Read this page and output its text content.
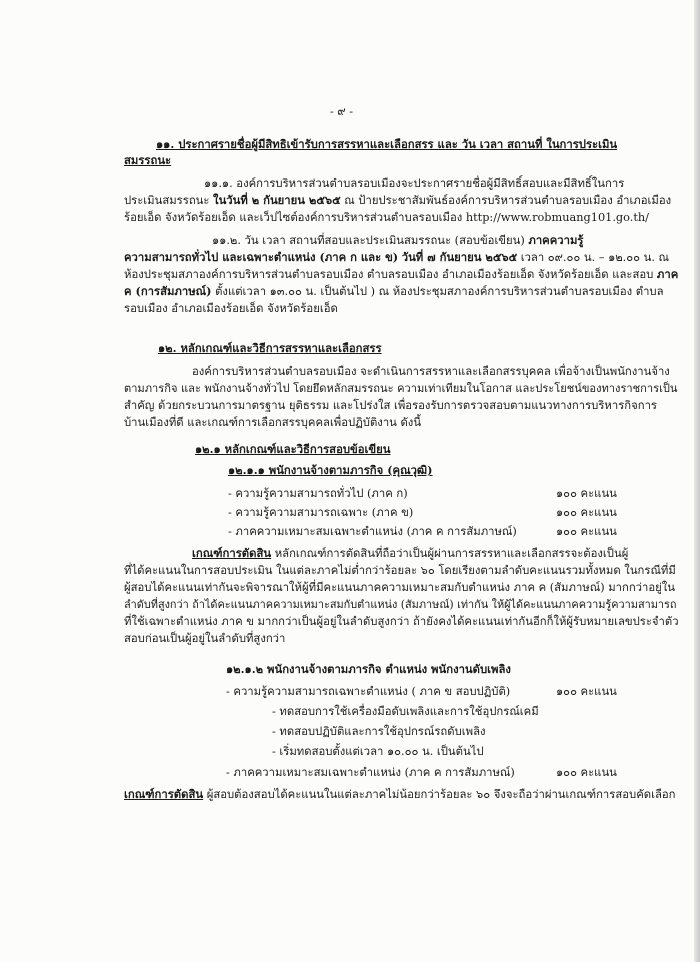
- ๙ -
๑๑. ประกาศรายชื่อผู้มีสิทธิเข้ารับการสรรหาและเลือกสรร และ วัน เวลา สถานที่ ในการประเมิน
สมรรถนะ
๑๑.๑. องค์การบริหารส่วนตำบลรอบเมืองจะประกาศรายชื่อผู้มีสิทธิ์สอบและมีสิทธิ์ในการ
ประเมินสมรรถนะ ในวันที่ ๒ กันยายน ๒๕๖๕ ณ ป้ายประชาสัมพันธ์องค์การบริหารส่วนตำบลรอบเมือง อำเภอเมือง
ร้อยเอ็ด จังหวัดร้อยเอ็ด และเว็ปไซต์องค์การบริหารส่วนตำบลรอบเมือง http://www.robmuang101.go.th/
๑๑.๒. วัน เวลา สถานที่สอบและประเมินสมรรถนะ (สอบข้อเขียน) ภาคความรู้
ความสามารถทั่วไป และเฉพาะตำแหน่ง (ภาค ก และ ข) วันที่ ๗ กันยายน ๒๕๖๕ เวลา ๐๙.๐๐ น. – ๑๒.๐๐ น. ณ
ห้องประชุมสภาองค์การบริหารส่วนตำบลรอบเมือง ตำบลรอบเมือง อำเภอเมืองร้อยเอ็ด จังหวัดร้อยเอ็ด และสอบ ภาค
ค (การสัมภาษณ์) ตั้งแต่เวลา ๑๓.๐๐ น. เป็นต้นไป ) ณ ห้องประชุมสภาองค์การบริหารส่วนตำบลรอบเมือง ตำบล
รอบเมือง อำเภอเมืองร้อยเอ็ด จังหวัดร้อยเอ็ด
๑๒. หลักเกณฑ์และวิธีการสรรหาและเลือกสรร
องค์การบริหารส่วนตำบลรอบเมือง จะดำเนินการสรรหาและเลือกสรรบุคคล เพื่อจ้างเป็นพนักงานจ้าง
ตามภารกิจ และ พนักงานจ้างทั่วไป โดยยึดหลักสมรรถนะ ความเท่าเทียมในโอกาส และประโยชน์ของทางราชการเป็น
สำคัญ ด้วยกระบวนการมาตรฐาน ยุติธรรม และโปร่งใส เพื่อรองรับการตรวจสอบตามแนวทางการบริหารกิจการ
บ้านเมืองที่ดี และเกณฑ์การเลือกสรรบุคคลเพื่อปฏิบัติงาน ดังนี้
๑๒.๑ หลักเกณฑ์และวิธีการสอบข้อเขียน
๑๒.๑.๑ พนักงานจ้างตามภารกิจ (คุณวุฒิ)
- ความรู้ความสามารถทั่วไป (ภาค ก)	๑๐๐ คะแนน
- ความรู้ความสามารถเฉพาะ (ภาค ข)	๑๐๐ คะแนน
- ภาคความเหมาะสมเฉพาะตำแหน่ง (ภาค ค การสัมภาษณ์)	๑๐๐ คะแนน
เกณฑ์การตัดสิน หลักเกณฑ์การตัดสินที่ถือว่าเป็นผู้ผ่านการสรรหาและเลือกสรรจะต้องเป็นผู้
ที่ได้คะแนนในการสอบประเมิน ในแต่ละภาคไม่ต่ำกว่าร้อยละ ๖๐ โดยเรียงตามลำดับคะแนนรวมทั้งหมด ในกรณีที่มี
ผู้สอบได้คะแนนเท่ากันจะพิจารณาให้ผู้ที่มีคะแนนภาคความเหมาะสมกับตำแหน่ง ภาค ค (สัมภาษณ์) มากกว่าอยู่ใน
ลำดับที่สูงกว่า ถ้าได้คะแนนภาคความเหมาะสมกับตำแหน่ง (สัมภาษณ์) เท่ากัน ให้ผู้ได้คะแนนภาคความรู้ความสามารถ
ที่ใช้เฉพาะตำแหน่ง ภาค ข มากกว่าเป็นผู้อยู่ในลำดับสูงกว่า ถ้ายังคงได้คะแนนเท่ากันอีกก็ให้ผู้รับหมายเลขประจำตัว
สอบก่อนเป็นผู้อยู่ในลำดับที่สูงกว่า
๑๒.๑.๒ พนักงานจ้างตามภารกิจ ตำแหน่ง พนักงานดับเพลิง
- ความรู้ความสามารถเฉพาะตำแหน่ง ( ภาค ข สอบปฏิบัติ)	๑๐๐ คะแนน
- ทดสอบการใช้เครื่องมือดับเพลิงและการใช้อุปกรณ์เคมี
- ทดสอบปฏิบัติและการใช้อุปกรณ์รถดับเพลิง
- เริ่มทดสอบตั้งแต่เวลา ๑๐.๐๐ น. เป็นต้นไป
- ภาคความเหมาะสมเฉพาะตำแหน่ง (ภาค ค การสัมภาษณ์)	๑๐๐ คะแนน
เกณฑ์การตัดสิน ผู้สอบต้องสอบได้คะแนนในแต่ละภาคไม่น้อยกว่าร้อยละ ๖๐ จึงจะถือว่าผ่านเกณฑ์การสอบคัดเลือก
